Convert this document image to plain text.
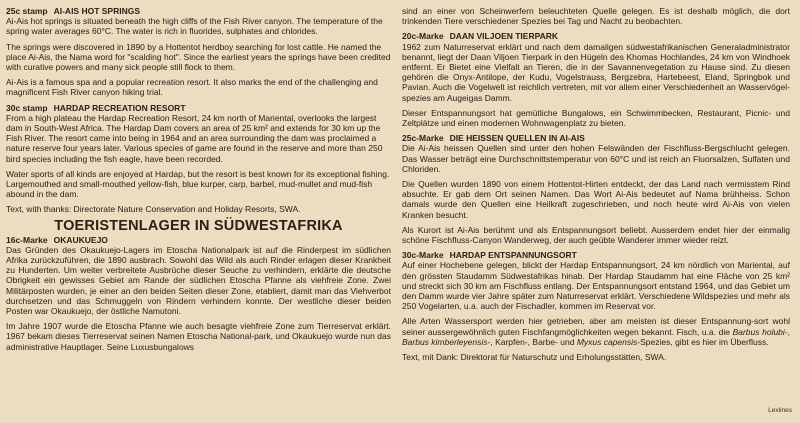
25c stamp AI-AIS HOT SPRINGS

Ai-Ais hot springs is situated beneath the high cliffs of the Fish River canyon. The temperature of the spring water averages 60°C. The water is rich in fluorides, sulphates and chlorides.

The springs were discovered in 1890 by a Hottentot herdboy searching for lost cattle. He named the place Ai-Ais, the Nama word for "scalding hot". Since the earliest years the springs have been credited with curative powers and many sick people still flock to them.

Ai-Ais is a famous spa and a popular recreation resort. It also marks the end of the challenging and magnificent Fish River canyon hiking trial.

30c stamp HARDAP RECREATION RESORT

From a high plateau the Hardap Recreation Resort, 24 km north of Mariental, overlooks the largest dam in South-West Africa. The Hardap Dam covers an area of 25 km² and extends for 30 km up the Fish River. The resort came into being in 1964 and an area surrounding the dam was proclaimed a nature reserve four years later. Various species of game are found in the reserve and more than 250 bird species including the fish eagle, have been recorded.

Water sports of all kinds are enjoyed at Hardap, but the resort is best known for its exceptional fishing. Largemouthed and small-mouthed yellow-fish, blue kurper, carp, barbel, mud-mullet and mud-fish abound in the dam.

Text, with thanks: Directorate Nature Conservation and Holiday Resorts, SWA.

TOERISTENLAGER IN SÜDWESTAFRIKA
16c-Marke OKAUKUEJO

Das Gründen des Okaukuejo-Lagers im Etoscha Nationalpark ist auf die Rinderpest im südlichen Afrika zurückzuführen, die 1890 ausbrach. Sowohl das Wild als auch Rinder erlagen dieser Krankheit zu Hunderten. Um weiter verbreitete Ausbrüche dieser Seuche zu verhindern, erklärte die deutsche Obrigkeit ein gewisses Gebiet am Rande der südlichen Etoscha Pfanne als viehfreie Zone. Zwei Militärposten wurden, je einer an den beiden Seiten dieser Zone, etabliert, damit man das Viehverbot durchsetzen und das Schmuggeln von Rindern verhindern konnte. Der westliche dieser beiden Posten war Okaukuejo, der östliche Namutoni.

Im Jahre 1907 wurde die Etoscha Pfanne wie auch besagte viehfreie Zone zum Tierreservat erklärt. 1967 bekam dieses Tierreservat seinen Namen Etoscha National-park, und Okaukuejo wurde nun das administrative Hauptlager. Seine Luxusbungalows

sind an einer von Scheinwerfern beleuchteten Quelle gelegen. Es ist deshalb möglich, die dort trinkenden Tiere verschiedener Spezies bei Tag und Nacht zu beobachten.

20c-Marke DAAN VILJOEN TIERPARK

1962 zum Naturreservat erklärt und nach dem damaligen südwestafrikanischen Generaladministrator benannt, liegt der Daan Viljoen Tierpark in den Hügeln des Khomas Hochlandes, 24 km von Windhoek entfernt. Er Bietet eine Vielfalt an Tieren, die in der Savannenvegetation zu Hause sind. Zu diesen gehören die Onyx-Antilope, der Kudu, Vogelstrauss, Bergzebra, Hartebeest, Eland, Springbok und Pavian. Auch die Vogelwelt ist reichlich vertreten, mit vor allem einer Verschiedenheit an Wasservögel-spezies am Augeigas Damm.

Dieser Entspannungsort hat gemütliche Bungalows, ein Schwimmbecken, Restaurant, Picnic- und Zeltplätze und einen modernen Wohnwagenplatz zu bieten.

25c-Marke DIE HEISSEN QUELLEN IN AI-AIS

Die Ai-Ais heissen Quellen sind unter den hohen Felswänden der Fischfluss-Bergschlucht gelegen. Das Wasser beträgt eine Durchschnittstemperatur von 60°C und ist reich an Fluorsalzen, Sulfaten und Chloriden.

Die Quellen wurden 1890 von einem Hottentot-Hirten entdeckt, der das Land nach vermisstem Rind absuchte. Er gab dem Ort seinen Namen. Das Wort Ai-Ais bedeutet auf Nama brühheiss. Schon damals wurde den Quellen eine Heilkraft zugeschrieben, und noch heute wird Ai-Ais von vielen Kranken besucht.

Als Kurort ist Ai-Ais berühmt und als Entspannungsort beliebt. Ausserdem endet hier der einmalig schöne Fischfluss-Canyon Wanderweg, der auch geübte Wanderer immer wieder reizt.

30c-Marke HARDAP ENTSPANNUNGSORT

Auf einer Hochebene gelegen, blickt der Hardap Entspannungsort, 24 km nördlich von Mariental, auf den grössten Staudamm Südwestafrikas hinab. Der Hardap Staudamm hat eine Fläche von 25 km² und streckt sich 30 km am Fischfluss entlang. Der Entspannungsort entstand 1964, und das Gebiet um den Damm wurde vier Jahre später zum Naturreservat erklärt. Verschiedene Wildspezies und mehr als 250 Vogelarten, u.a. auch der Fischadler, kommen im Reservat vor.

Alle Arten Wassersport werden hier getrieben, aber am meisten ist dieser Entspannung-sort wohl seiner aussergewöhnlich guten Fischfangmöglichkeiten wegen bekannt. Fisch, u.a. die Barbus holubi-, Barbus kimberleyensis-, Karpfen-, Barbe- und Myxus capensis-Spezies, gibt es hier im Überfluss.

Text, mit Dank: Direktorat für Naturschutz und Erholungsstätten, SWA.

Lexlines
